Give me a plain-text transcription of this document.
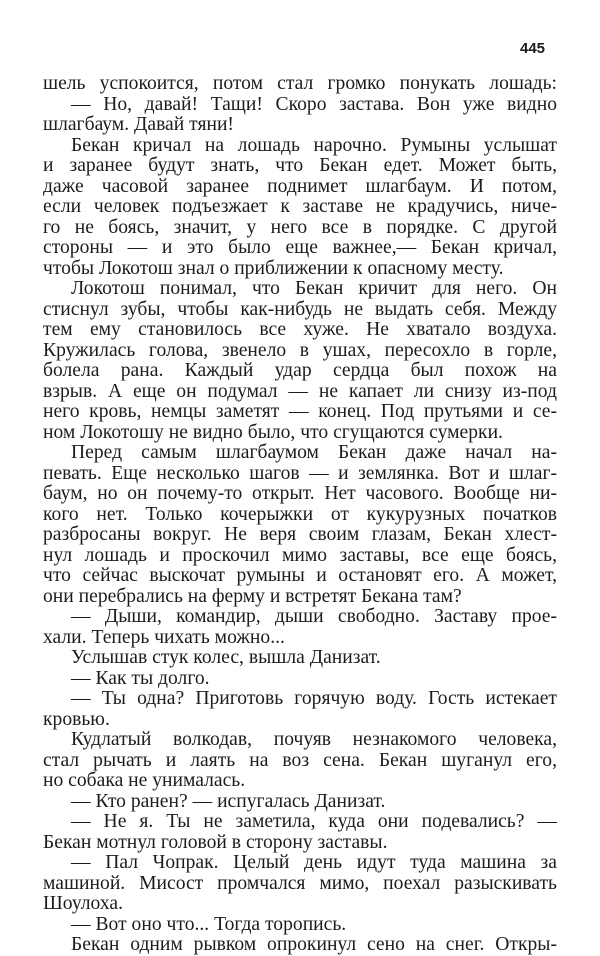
445
шель успокоится, потом стал громко понукать лошадь:
— Но, давай! Тащи! Скоро застава. Вон уже видно
шлагбаум. Давай тяни!
Бекан кричал на лошадь нарочно. Румыны услышат
и заранее будут знать, что Бекан едет. Может быть,
даже часовой заранее поднимет шлагбаум. И потом,
если человек подъезжает к заставе не крадучись, ниче-
го не боясь, значит, у него все в порядке. С другой
стороны — и это было еще важнее,— Бекан кричал,
чтобы Локотош знал о приближении к опасному месту.
Локотош понимал, что Бекан кричит для него. Он
стиснул зубы, чтобы как-нибудь не выдать себя. Между
тем ему становилось все хуже. Не хватало воздуха.
Кружилась голова, звенело в ушах, пересохло в горле,
болела рана. Каждый удар сердца был похож на
взрыв. А еще он подумал — не капает ли снизу из-под
него кровь, немцы заметят — конец. Под прутьями и се-
ном Локотошу не видно было, что сгущаются сумерки.
Перед самым шлагбаумом Бекан даже начал на-
певать. Еще несколько шагов — и землянка. Вот и шлаг-
баум, но он почему-то открыт. Нет часового. Вообще ни-
кого нет. Только кочерыжки от кукурузных початков
разбросаны вокруг. Не веря своим глазам, Бекан хлест-
нул лошадь и проскочил мимо заставы, все еще боясь,
что сейчас выскочат румыны и остановят его. А может,
они перебрались на ферму и встретят Бекана там?
— Дыши, командир, дыши свободно. Заставу прое-
хали. Теперь чихать можно...
Услышав стук колес, вышла Данизат.
— Как ты долго.
— Ты одна? Приготовь горячую воду. Гость истекает
кровью.
Кудлатый волкодав, почуяв незнакомого человека,
стал рычать и лаять на воз сена. Бекан шуганул его,
но собака не унималась.
— Кто ранен? — испугалась Данизат.
— Не я. Ты не заметила, куда они подевались? —
Бекан мотнул головой в сторону заставы.
— Пал Чопрак. Целый день идут туда машина за
машиной. Мисост промчался мимо, поехал разыскивать
Шоулоха.
— Вот оно что... Тогда торопись.
Бекан одним рывком опрокинул сено на снег. Откры-
